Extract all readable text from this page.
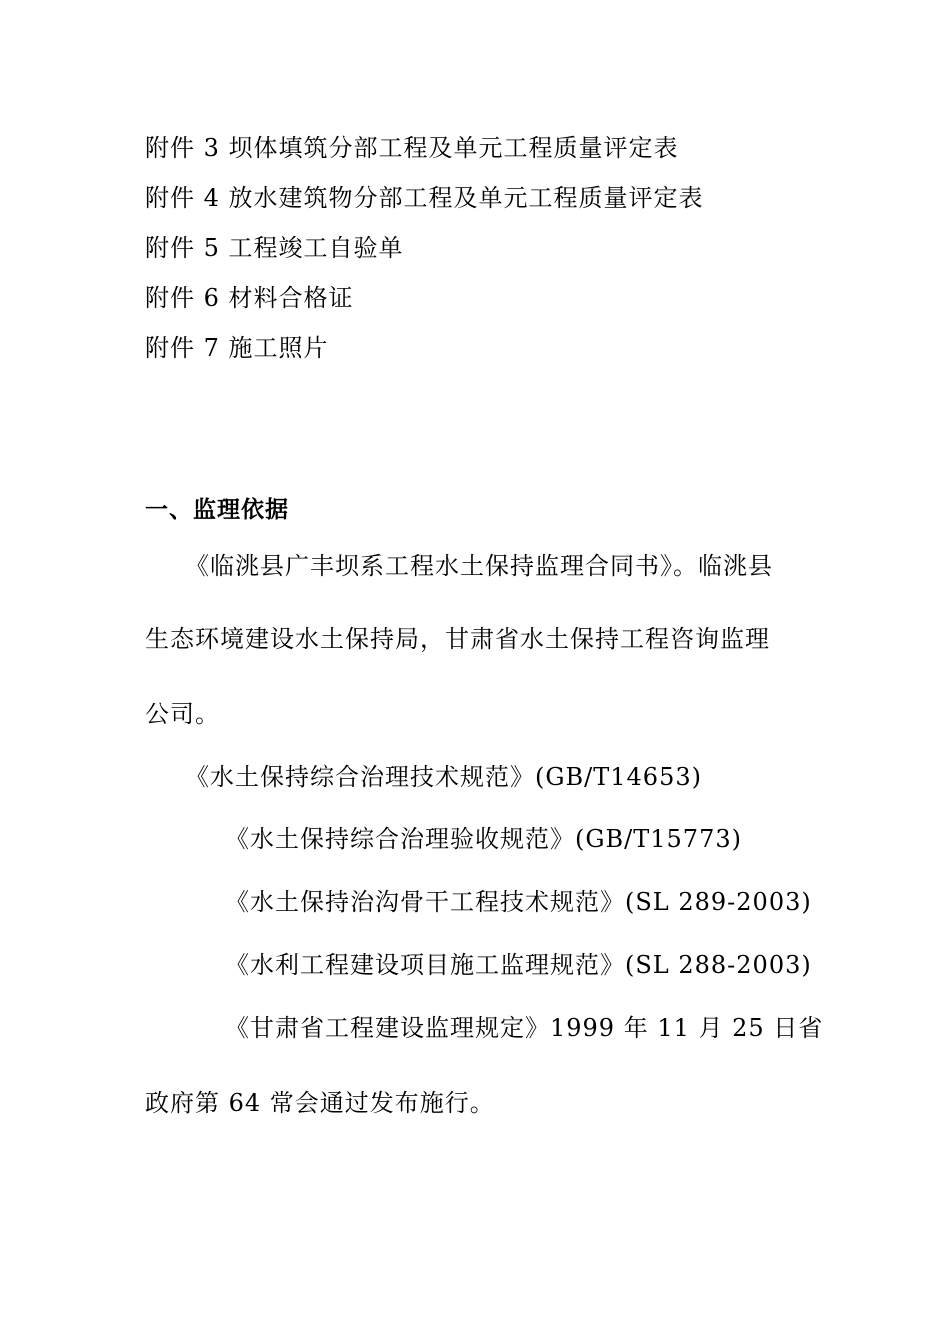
附件 3 坝体填筑分部工程及单元工程质量评定表
附件 4 放水建筑物分部工程及单元工程质量评定表
附件 5 工程竣工自验单
附件 6 材料合格证
附件 7 施工照片
一、监理依据
《临洮县广丰坝系工程水土保持监理合同书》。临洮县
生态环境建设水土保持局，甘肃省水土保持工程咨询监理
公司。
《水土保持综合治理技术规范》(GB/T14653)
《水土保持综合治理验收规范》(GB/T15773)
《水土保持治沟骨干工程技术规范》(SL 289-2003)
《水利工程建设项目施工监理规范》(SL 288-2003)
《甘肃省工程建设监理规定》1999 年 11 月 25 日省
政府第 64 常会通过发布施行。
